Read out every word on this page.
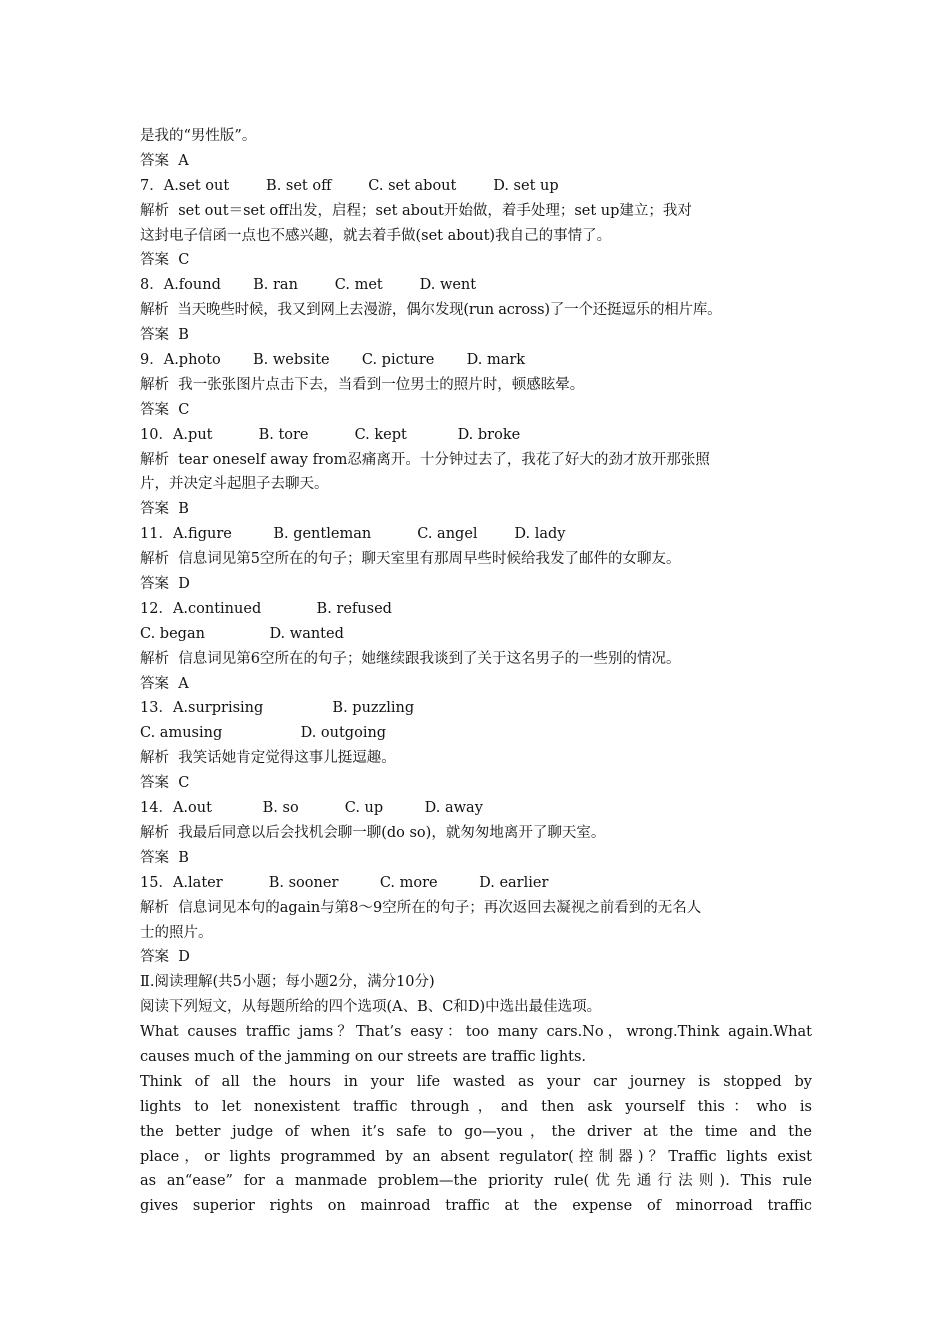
是我的“男性版”。
答案  A
7．A.set out        B. set off        C. set about        D. set up
解析  set out＝set off出发，启程；set about开始做，着手处理；set up建立；我对
这封电子信函一点也不感兴趣，就去着手做(set about)我自己的事情了。
答案  C
8．A.found       B. ran        C. met        D. went
解析  当天晚些时候，我又到网上去漫游，偶尔发现(run across)了一个还挺逗乐的相片库。
答案  B
9．A.photo       B. website       C. picture       D. mark
解析  我一张张图片点击下去，当看到一位男士的照片时，顿感眩晕。
答案  C
10．A.put          B. tore          C. kept           D. broke
解析  tear oneself away from忍痛离开。十分钟过去了，我花了好大的劲才放开那张照
片，并决定斗起胆子去聊天。
答案  B
11．A.figure         B. gentleman          C. angel        D. lady
解析  信息词见第5空所在的句子；聊天室里有那周早些时候给我发了邮件的女聊友。
答案  D
12．A.continued            B. refused
C. began              D. wanted
解析  信息词见第6空所在的句子；她继续跟我谈到了关于这名男子的一些别的情况。
答案  A
13．A.surprising               B. puzzling
C. amusing                 D. outgoing
解析  我笑话她肯定觉得这事儿挺逗趣。
答案  C
14．A.out           B. so          C. up         D. away
解析  我最后同意以后会找机会聊一聊(do so)，就匆匆地离开了聊天室。
答案  B
15．A.later          B. sooner         C. more         D. earlier
解析  信息词见本句的again与第8～9空所在的句子；再次返回去凝视之前看到的无名人
士的照片。
答案  D
Ⅱ.阅读理解(共5小题；每小题2分，满分10分)
阅读下列短文，从每题所给的四个选项(A、B、C和D)中选出最佳选项。
What causes traffic jams？That’s easy：too many cars.No，wrong.Think again.What
causes much of the jamming on our streets are traffic lights.
Think of all the hours in your life wasted as your car journey is stopped by
lights to let nonexistent traffic through，and then ask yourself this：who is
the better judge of when it’s safe to go—you，the driver at the time and the
place，or lights programmed by an absent regulator(控制器)？Traffic lights exist
as an“ease” for a manmade problem—the priority rule(优先通行法则). This rule
gives superior rights on mainroad traffic at the expense of minorroad traffic
